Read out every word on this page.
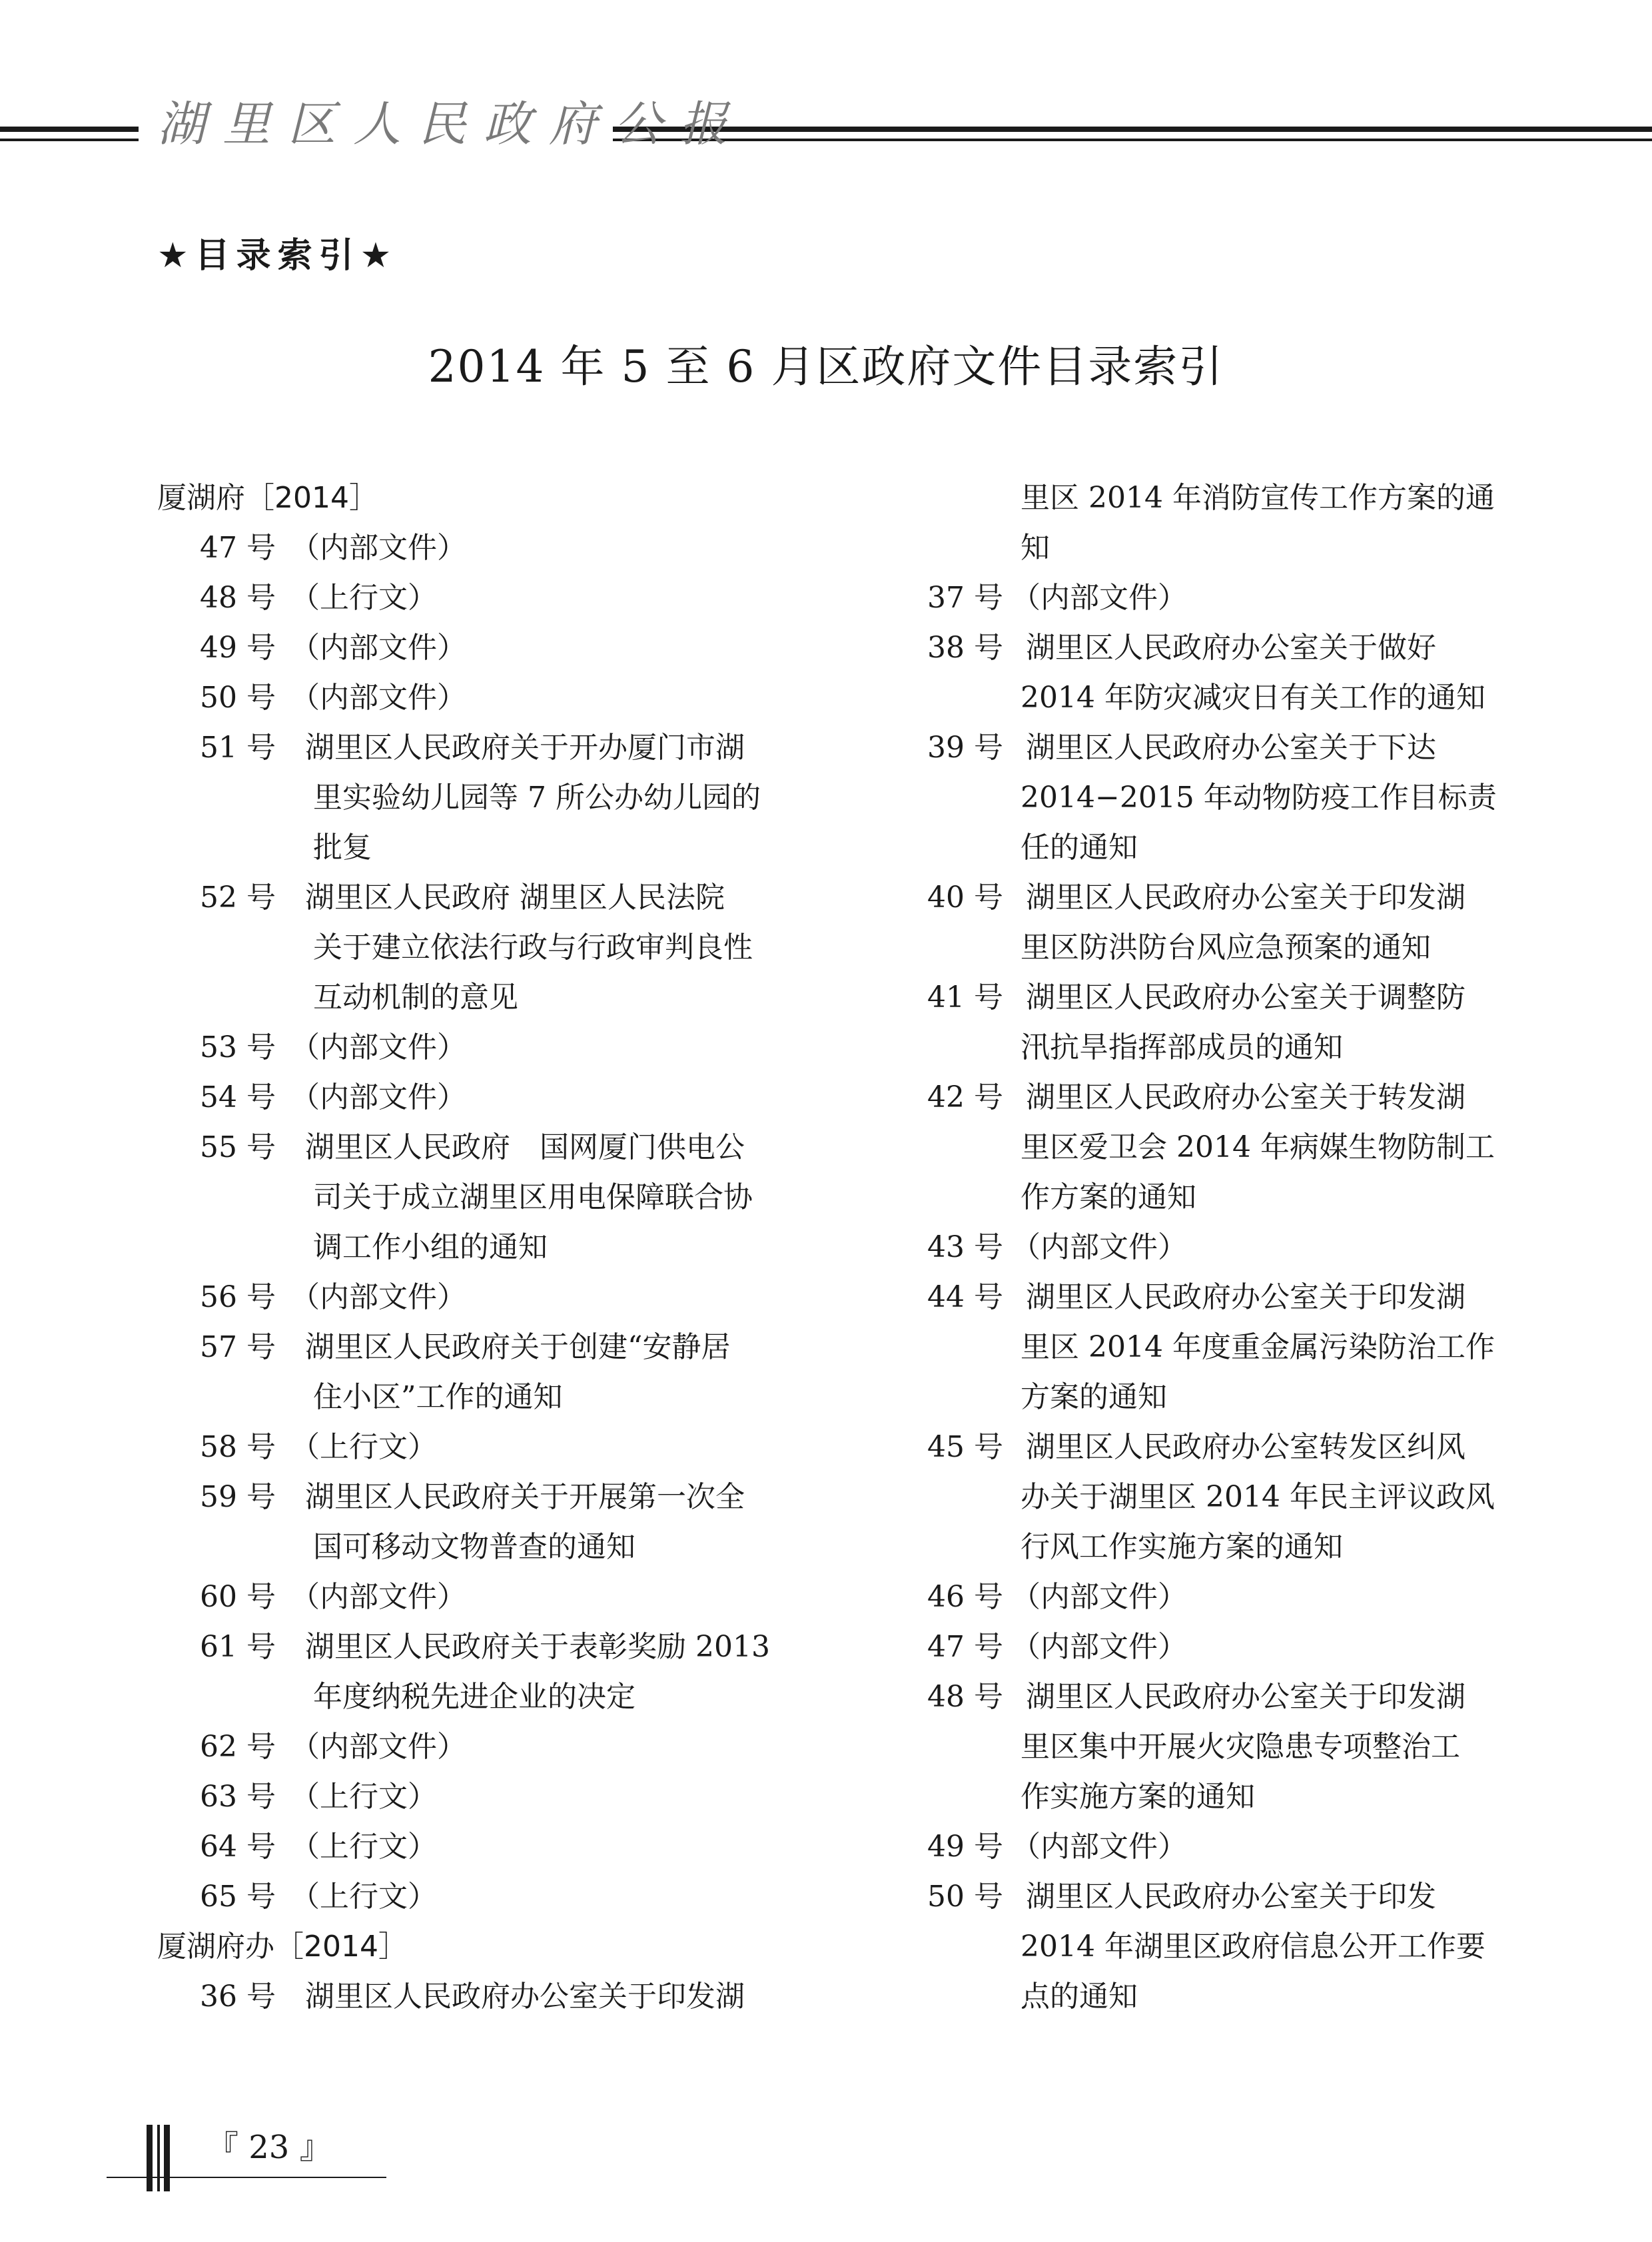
湖里区人民政府公报
★目录索引★
2014 年 5 至 6 月区政府文件目录索引
厦湖府［2014］
47 号 （内部文件）
48 号 （上行文）
49 号 （内部文件）
50 号 （内部文件）
51 号 湖里区人民政府关于开办厦门市湖
里实验幼儿园等 7 所公办幼儿园的
批复
52 号 湖里区人民政府 湖里区人民法院
关于建立依法行政与行政审判良性
互动机制的意见
53 号 （内部文件）
54 号 （内部文件）
55 号 湖里区人民政府　国网厦门供电公
司关于成立湖里区用电保障联合协
调工作小组的通知
56 号 （内部文件）
57 号 湖里区人民政府关于创建“安静居
住小区”工作的通知
58 号 （上行文）
59 号 湖里区人民政府关于开展第一次全
国可移动文物普查的通知
60 号 （内部文件）
61 号 湖里区人民政府关于表彰奖励 2013
年度纳税先进企业的决定
62 号 （内部文件）
63 号 （上行文）
64 号 （上行文）
65 号 （上行文）
厦湖府办［2014］
36 号 湖里区人民政府办公室关于印发湖
里区 2014 年消防宣传工作方案的通
知
37 号 （内部文件）
38 号 湖里区人民政府办公室关于做好
2014 年防灾减灾日有关工作的通知
39 号 湖里区人民政府办公室关于下达
2014−2015 年动物防疫工作目标责
任的通知
40 号 湖里区人民政府办公室关于印发湖
里区防洪防台风应急预案的通知
41 号 湖里区人民政府办公室关于调整防
汛抗旱指挥部成员的通知
42 号 湖里区人民政府办公室关于转发湖
里区爱卫会 2014 年病媒生物防制工
作方案的通知
43 号 （内部文件）
44 号 湖里区人民政府办公室关于印发湖
里区 2014 年度重金属污染防治工作
方案的通知
45 号 湖里区人民政府办公室转发区纠风
办关于湖里区 2014 年民主评议政风
行风工作实施方案的通知
46 号 （内部文件）
47 号 （内部文件）
48 号 湖里区人民政府办公室关于印发湖
里区集中开展火灾隐患专项整治工
作实施方案的通知
49 号 （内部文件）
50 号 湖里区人民政府办公室关于印发
2014 年湖里区政府信息公开工作要
点的通知
『 23 』
